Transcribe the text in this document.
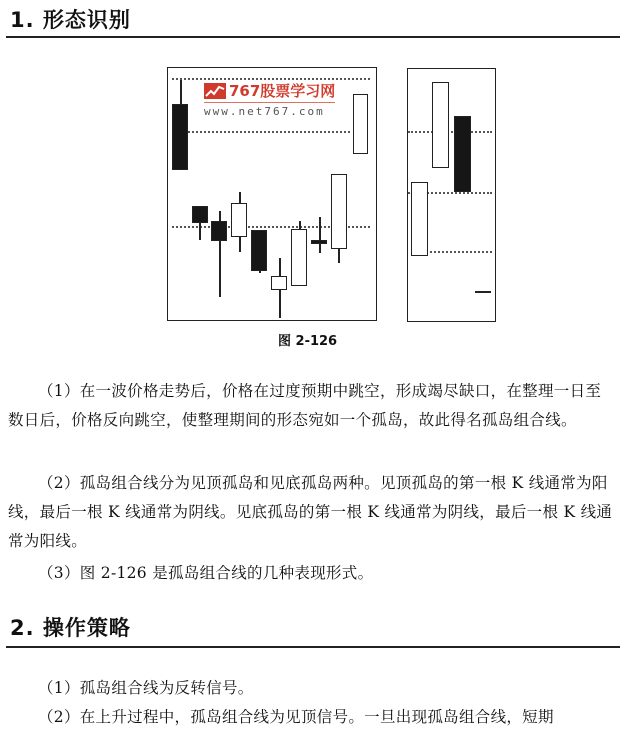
1. 形态识别
767股票学习网
www.net767.com
图 2-126

（1）在一波价格走势后，价格在过度预期中跳空，形成竭尽缺口，在整理一日至数日后，价格反向跳空，使整理期间的形态宛如一个孤岛，故此得名孤岛组合线。

（2）孤岛组合线分为见顶孤岛和见底孤岛两种。见顶孤岛的第一根 K 线通常为阳线，最后一根 K 线通常为阴线。见底孤岛的第一根 K 线通常为阴线，最后一根 K 线通常为阳线。

（3）图 2-126 是孤岛组合线的几种表现形式。

2. 操作策略

（1）孤岛组合线为反转信号。

（2）在上升过程中，孤岛组合线为见顶信号。一旦出现孤岛组合线，短期
